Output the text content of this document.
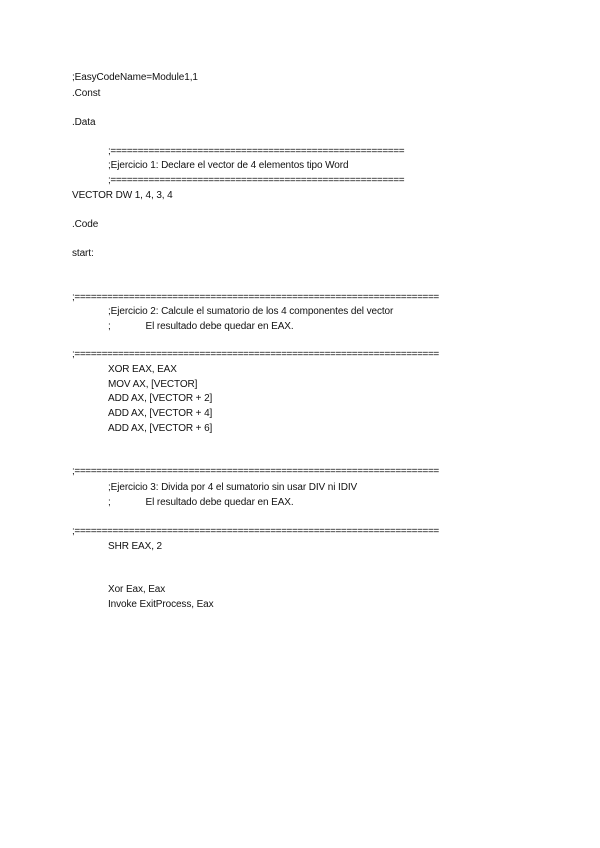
;EasyCodeName=Module1,1
.Const
.Data
;======================================================
;Ejercicio 1: Declare el vector de 4 elementos tipo Word
;======================================================
VECTOR DW 1, 4, 3, 4
.Code
start:
;===================================================================
;Ejercicio 2: Calcule el sumatorio de los 4 componentes del vector
;             El resultado debe quedar en EAX.
;===================================================================
XOR EAX, EAX
MOV AX, [VECTOR]
ADD AX, [VECTOR + 2]
ADD AX, [VECTOR + 4]
ADD AX, [VECTOR + 6]
;===================================================================
;Ejercicio 3: Divida por 4 el sumatorio sin usar DIV ni IDIV
;             El resultado debe quedar en EAX.
;===================================================================
SHR EAX, 2
Xor Eax, Eax
Invoke ExitProcess, Eax
